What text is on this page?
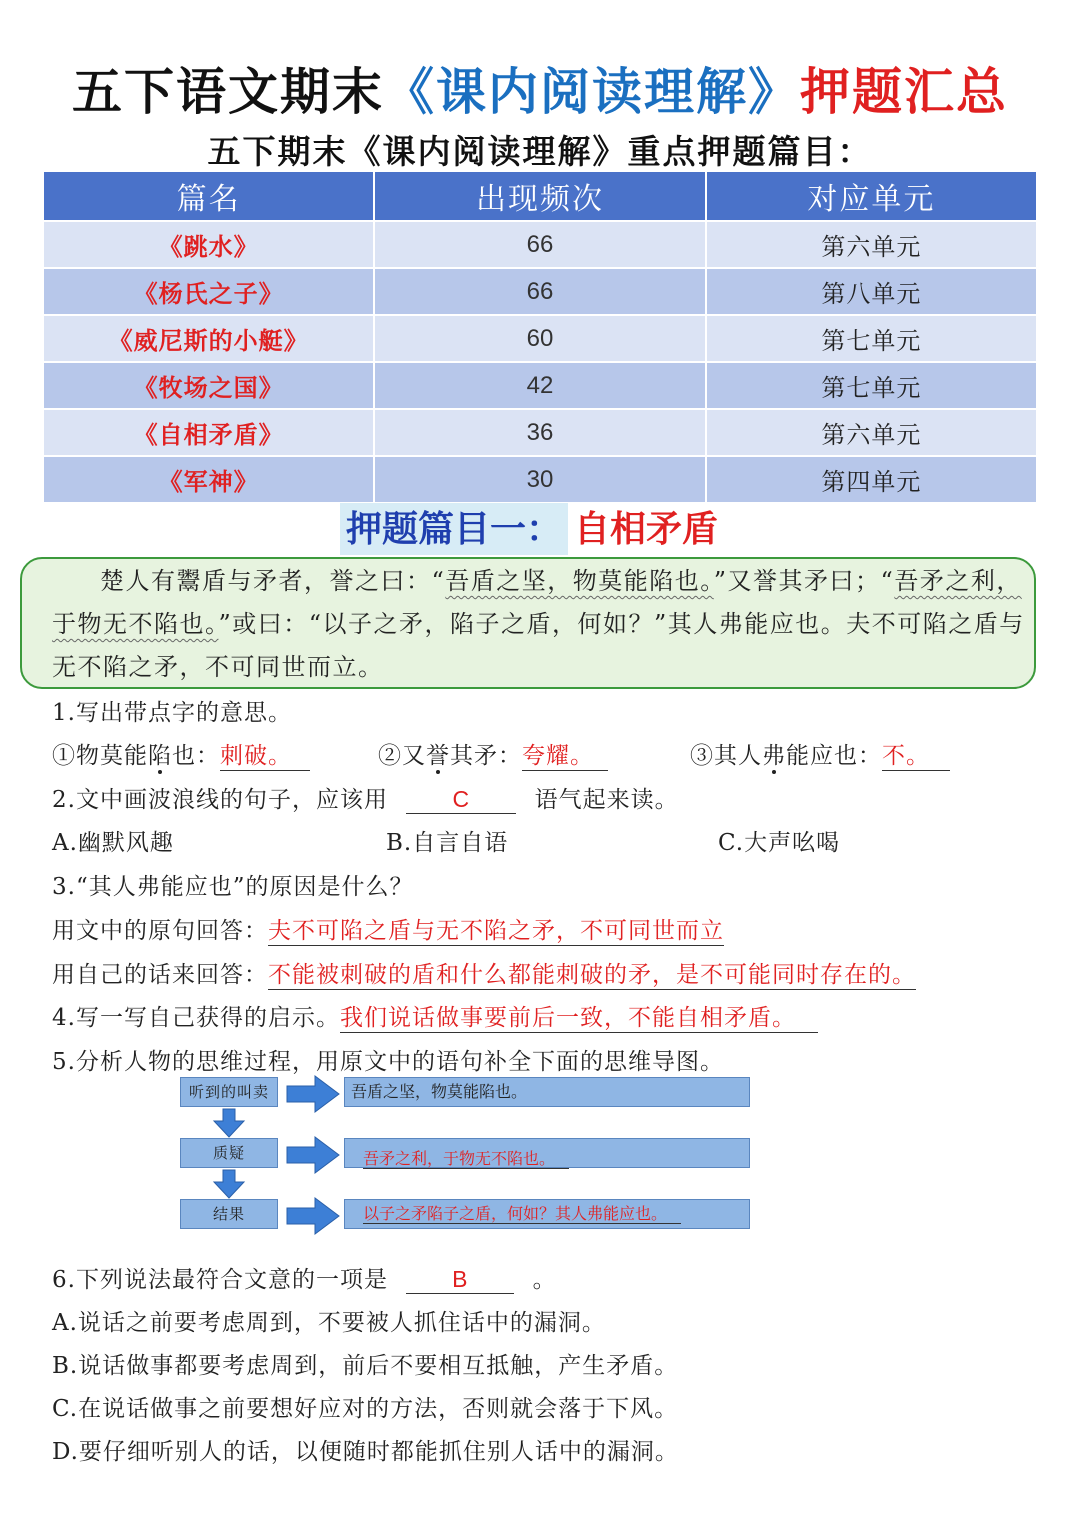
五下语文期末《课内阅读理解》押题汇总
五下期末《课内阅读理解》重点押题篇目：
篇名	出现频次	对应单元
《跳水》	66	第六单元
《杨氏之子》	66	第八单元
《威尼斯的小艇》	60	第七单元
《牧场之国》	42	第七单元
《自相矛盾》	36	第六单元
《军神》	30	第四单元
押题篇目一： 自相矛盾
楚人有鬻盾与矛者，誉之曰：“吾盾之坚，物莫能陷也。”又誉其矛曰；“吾矛之利，于物无不陷也。”或曰：“以子之矛，陷子之盾，何如？”其人弗能应也。夫不可陷之盾与无不陷之矛，不可同世而立。
1.写出带点字的意思。
①物莫能陷也：刺破。	②又誉其矛：夸耀。	③其人弗能应也：不。
2.文中画波浪线的句子，应该用	C	语气起来读。
A.幽默风趣	B.自言自语	C.大声吆喝
3.“其人弗能应也”的原因是什么？
用文中的原句回答：夫不可陷之盾与无不陷之矛，不可同世而立
用自己的话来回答：不能被刺破的盾和什么都能刺破的矛，是不可能同时存在的。
4.写一写自己获得的启示。我们说话做事要前后一致，不能自相矛盾。
5.分析人物的思维过程，用原文中的语句补全下面的思维导图。
听到的叫卖	吾盾之坚，物莫能陷也。
质疑	吾矛之利，于物无不陷也。
结果	以子之矛陷子之盾，何如？其人弗能应也。
6.下列说法最符合文意的一项是	B	。
A.说话之前要考虑周到，不要被人抓住话中的漏洞。
B.说话做事都要考虑周到，前后不要相互抵触，产生矛盾。
C.在说话做事之前要想好应对的方法，否则就会落于下风。
D.要仔细听别人的话，以便随时都能抓住别人话中的漏洞。
